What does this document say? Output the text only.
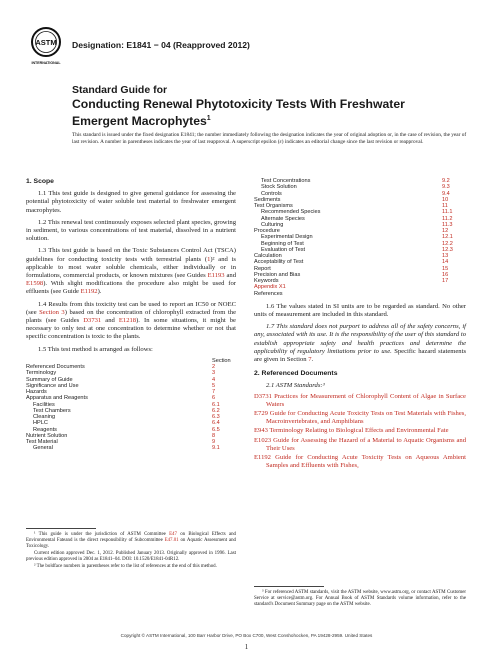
ASTM
INTERNATIONAL
Designation: E1841 − 04 (Reapproved 2012)
Standard Guide for
Conducting Renewal Phytotoxicity Tests With Freshwater
Emergent Macrophytes$^1$
This standard is issued under the fixed designation E1841; the number immediately following the designation indicates the year of original adoption or, in the case of revision, the year of last revision. A number in parentheses indicates the year of last reapproval. A superscript epsilon (ε) indicates an editorial change since the last revision or reapproval.
1. Scope

1.1 This test guide is designed to give general guidance for assessing the potential phytotoxicity of water soluble test material to freshwater emergent macrophytes.

1.2 This renewal test continuously exposes selected plant species, growing in sediment, to various concentrations of test material, dissolved in a nutrient solution.

1.3 This test guide is based on the Toxic Substances Control Act (TSCA) guidelines for conducting toxicity tests with terrestrial plants (1)² and is applicable to most water soluble chemicals, either individually or in formulations, commercial products, or known mixtures (see Guides E1193 and E1598). With slight modifications the procedure also might be used for effluents (see Guide E1192).

1.4 Results from this toxicity test can be used to report an IC50 or NOEC (see Section 3) based on the concentration of chlorophyll extracted from the plants (see Guides D3731 and E1218). In some situations, it might be necessary to only test at one concentration to determine whether or not that specific concentration is toxic to the plants.

1.5 This test method is arranged as follows:

Section
Referenced Documents	2
Terminology	3
Summary of Guide	4
Significance and Use	5
Hazards	7
Apparatus and Reagents	6
Facilities	6.1
Test Chambers	6.2
Cleaning	6.3
HPLC	6.4
Reagents	6.5
Nutrient Solution	8
Test Material	9
General	9.1

¹ This guide is under the jurisdiction of ASTM Committee E47 on Biological Effects and Environmental Fateand is the direct responsibility of Subcommittee E47.01 on Aquatic Assessment and Toxicology.

Current edition approved Dec. 1, 2012. Published January 2013. Originally approved in 1996. Last previous edition approved in 2004 as E1841–04. DOI: 10.1520/E1841-04R12.

² The boldface numbers in parentheses refer to the list of references at the end of this method.

Test Concentrations	9.2
Stock Solution	9.3
Controls	9.4
Sediments	10
Test Organisms	11
Recommended Species	11.1
Alternate Species	11.2
Culturing	11.3
Procedure	12
Experimental Design	12.1
Beginning of Test	12.2
Evaluation of Test	12.3
Calculation	13
Acceptability of Test	14
Report	15
Precision and Bias	16
Keywords	17
Appendix X1
References

1.6 The values stated in SI units are to be regarded as standard. No other units of measurement are included in this standard.

1.7 This standard does not purport to address all of the safety concerns, if any, associated with its use. It is the responsibility of the user of this standard to establish appropriate safety and health practices and determine the applicability of regulatory limitations prior to use. Specific hazard statements are given in Section 7.

2. Referenced Documents

2.1 ASTM Standards:³

D3731 Practices for Measurement of Chlorophyll Content of Algae in Surface Waters

E729 Guide for Conducting Acute Toxicity Tests on Test Materials with Fishes, Macroinvertebrates, and Amphibians

E943 Terminology Relating to Biological Effects and Environmental Fate

E1023 Guide for Assessing the Hazard of a Material to Aquatic Organisms and Their Uses

E1192 Guide for Conducting Acute Toxicity Tests on Aqueous Ambient Samples and Effluents with Fishes,

³ For referenced ASTM standards, visit the ASTM website, www.astm.org, or contact ASTM Customer Service at service@astm.org. For Annual Book of ASTM Standards volume information, refer to the standard's Document Summary page on the ASTM website.

Copyright © ASTM International, 100 Barr Harbor Drive, PO Box C700, West Conshohocken, PA 19428-2959. United States
1
